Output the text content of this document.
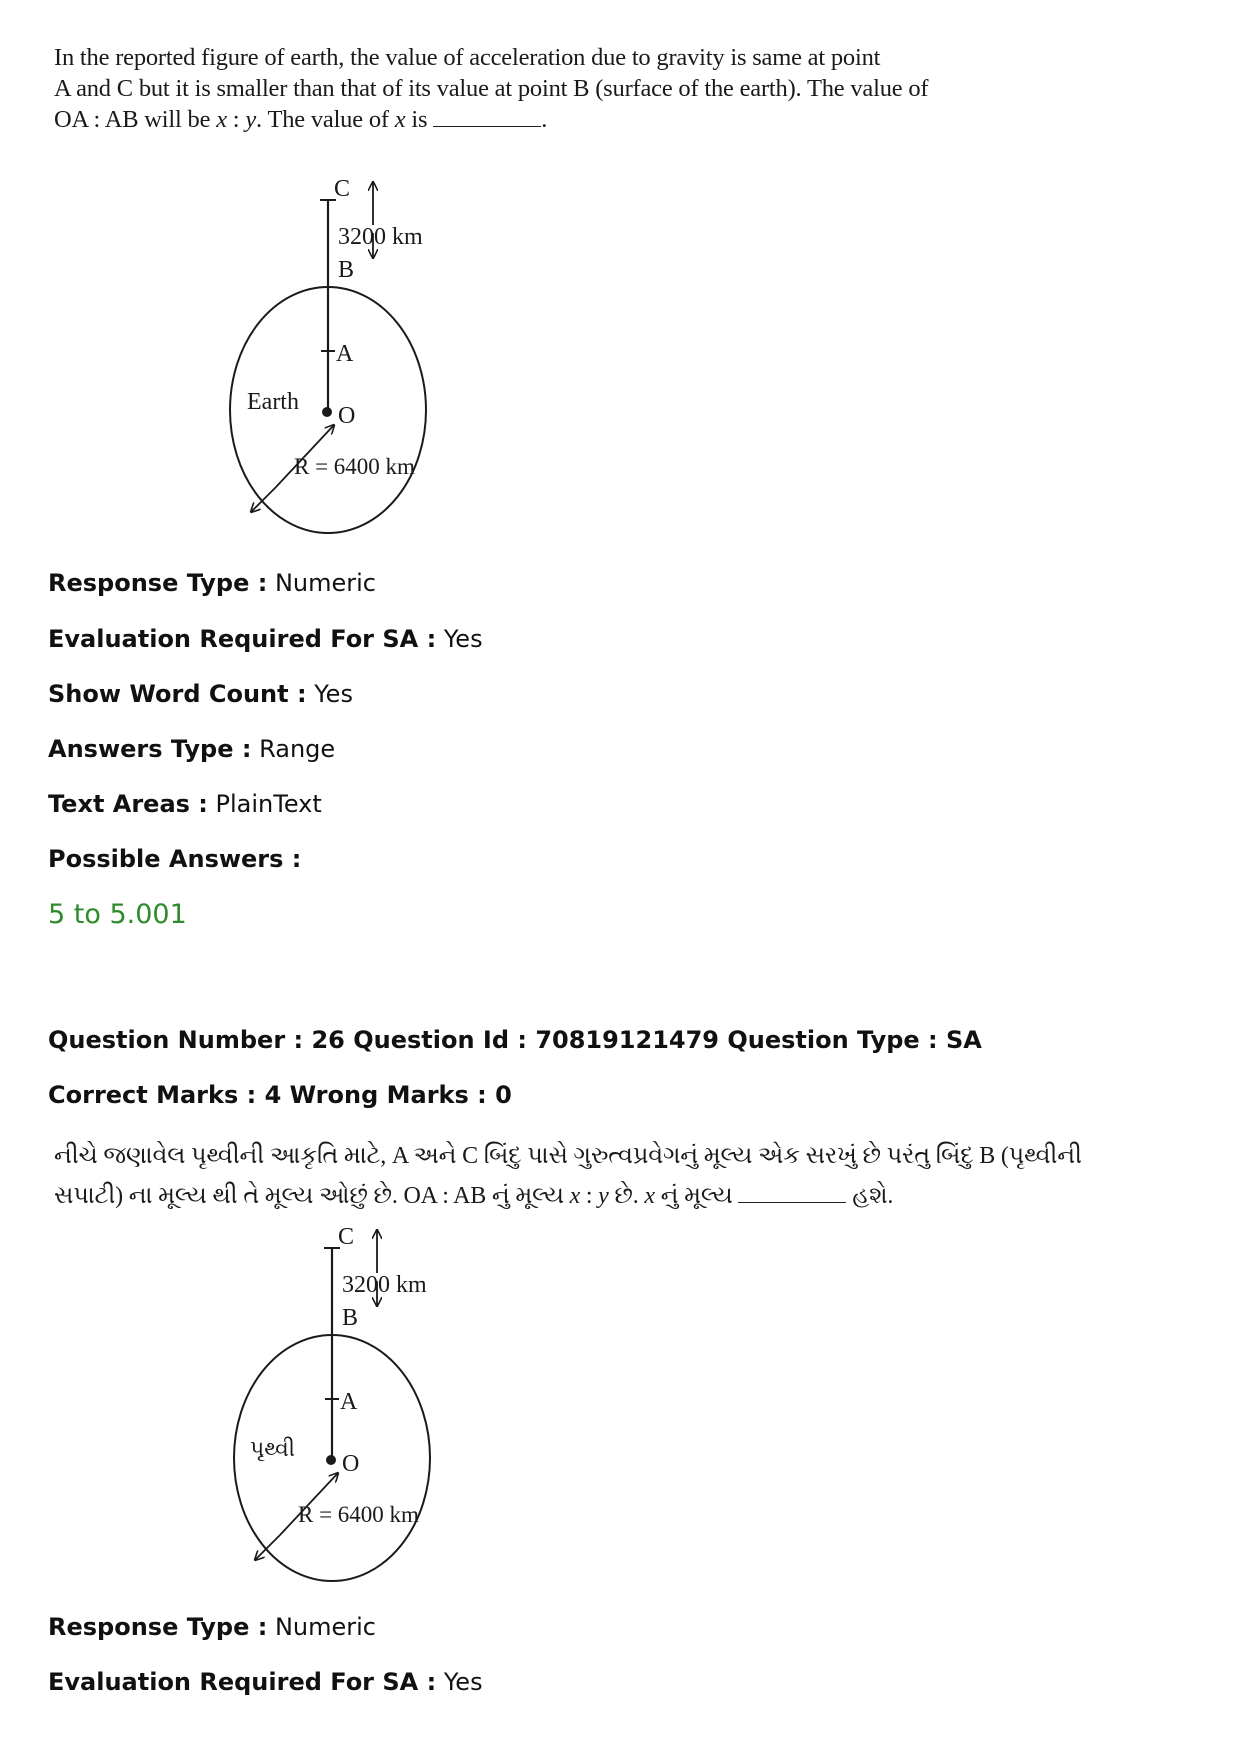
In the reported figure of earth, the value of acceleration due to gravity is same at point
A and C but it is smaller than that of its value at point B (surface of the earth). The value of
OA : AB will be x : y. The value of x is	.
C
3200 km
B
A
Earth
O
R = 6400 km
Response Type : Numeric
Evaluation Required For SA : Yes
Show Word Count : Yes
Answers Type : Range
Text Areas : PlainText
Possible Answers :
5 to 5.001
Question Number : 26 Question Id : 70819121479 Question Type : SA
Correct Marks : 4 Wrong Marks : 0
નીચે જણાવેલ પૃથ્વીની આકૃતિ માટે, A અને C બિંદુ પાસે ગુરુત્વપ્રવેગનું મૂલ્ય એક સરખું છે પરંતુ બિંદુ B (પૃથ્વીની
સપાટી) ના મૂલ્ય થી તે મૂલ્ય ઓછું છે. OA : AB નું મૂલ્ય x : y છે. x નું મૂલ્ય	હશે.
C
3200 km
B
A
પૃથ્વી
O
R = 6400 km
Response Type : Numeric
Evaluation Required For SA : Yes
